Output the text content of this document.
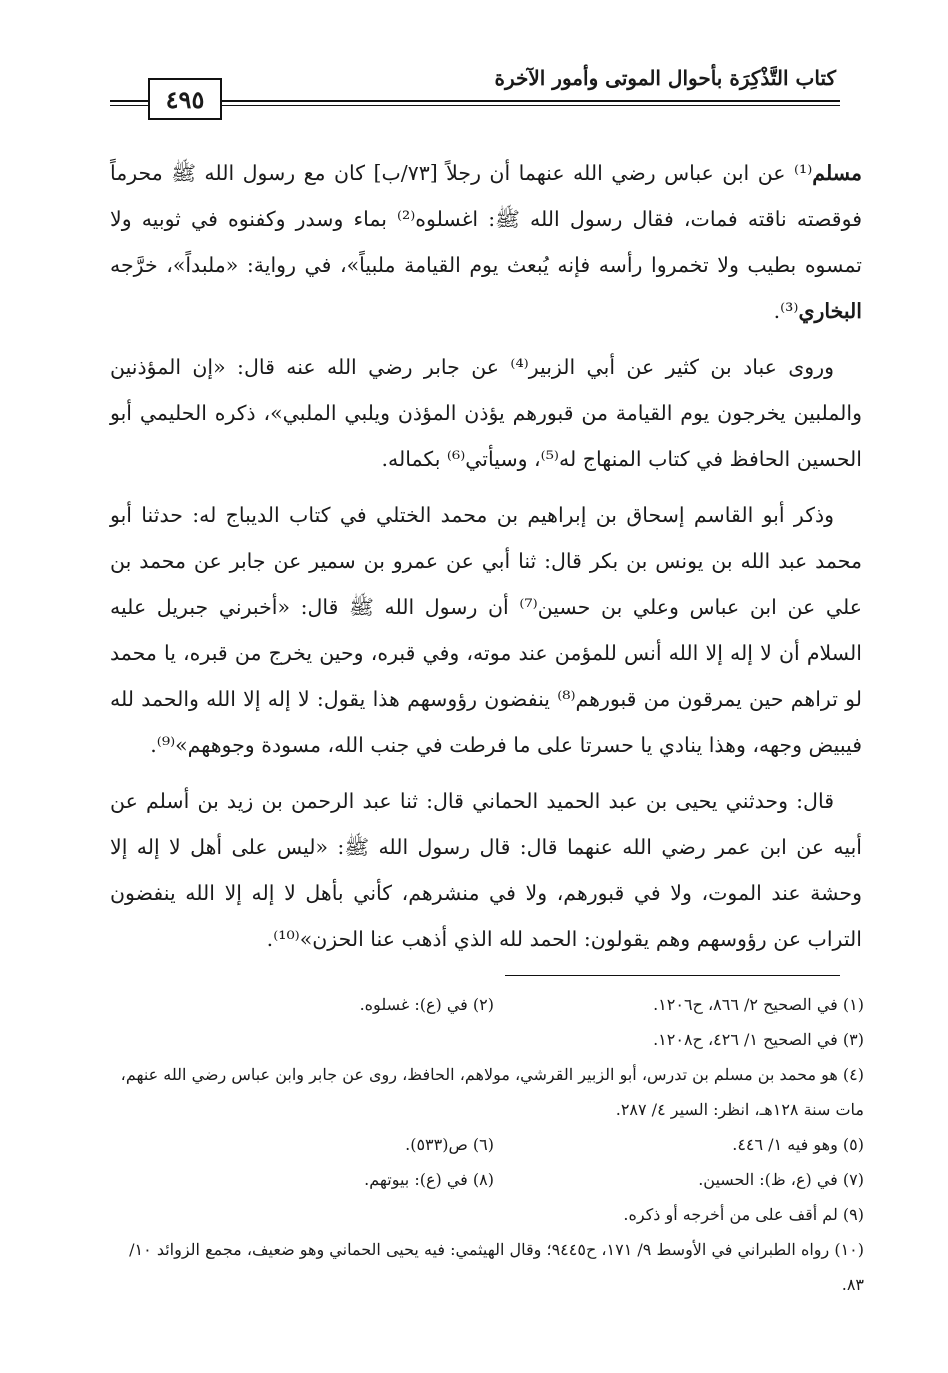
كتاب التَّذْكِرَة بأحوال الموتى وأمور الآخرة
٤٩٥

مسلم⁽¹⁾ عن ابن عباس رضي الله عنهما أن رجلاً [٧٣/ب] كان مع رسول الله ﷺ محرماً فوقصته ناقته فمات، فقال رسول الله ﷺ: اغسلوه⁽²⁾ بماء وسدر وكفنوه في ثوبيه ولا تمسوه بطيب ولا تخمروا رأسه فإنه يُبعث يوم القيامة ملبياً»، في رواية: «ملبداً»، خرَّجه البخاري⁽³⁾.

وروى عباد بن كثير عن أبي الزبير⁽⁴⁾ عن جابر رضي الله عنه قال: «إن المؤذنين والملبين يخرجون يوم القيامة من قبورهم يؤذن المؤذن ويلبي الملبي»، ذكره الحليمي أبو الحسين الحافظ في كتاب المنهاج له⁽⁵⁾، وسيأتي⁽⁶⁾ بكماله.

وذكر أبو القاسم إسحاق بن إبراهيم بن محمد الختلي في كتاب الديباج له: حدثنا أبو محمد عبد الله بن يونس بن بكر قال: ثنا أبي عن عمرو بن سمير عن جابر عن محمد بن علي عن ابن عباس وعلي بن حسين⁽⁷⁾ أن رسول الله ﷺ قال: «أخبرني جبريل عليه السلام أن لا إله إلا الله أنس للمؤمن عند موته، وفي قبره، وحين يخرج من قبره، يا محمد لو تراهم حين يمرقون من قبورهم⁽⁸⁾ ينفضون رؤوسهم هذا يقول: لا إله إلا الله والحمد لله فيبيض وجهه، وهذا ينادي يا حسرتا على ما فرطت في جنب الله، مسودة وجوههم»⁽⁹⁾.

قال: وحدثني يحيى بن عبد الحميد الحماني قال: ثنا عبد الرحمن بن زيد بن أسلم عن أبيه عن ابن عمر رضي الله عنهما قال: قال رسول الله ﷺ: «ليس على أهل لا إله إلا وحشة عند الموت، ولا في قبورهم، ولا في منشرهم، كأني بأهل لا إله إلا الله ينفضون التراب عن رؤوسهم وهم يقولون: الحمد لله الذي أذهب عنا الحزن»⁽¹⁰⁾.

(١) في الصحيح ٢/ ٨٦٦، ح١٢٠٦.
(٢) في (ع): غسلوه.
(٣) في الصحيح ١/ ٤٢٦، ح١٢٠٨.
(٤) هو محمد بن مسلم بن تدرس، أبو الزبير القرشي، مولاهم، الحافظ، روى عن جابر وابن عباس رضي الله عنهم، مات سنة ١٢٨هـ، انظر: السير ٤/ ٢٨٧.
(٥) وهو فيه ١/ ٤٤٦.
(٦) ص(٥٣٣).
(٧) في (ع، ظ): الحسين.
(٨) في (ع): بيوتهم.
(٩) لم أقف على من أخرجه أو ذكره.
(١٠) رواه الطبراني في الأوسط ٩/ ١٧١، ح٩٤٤٥؛ وقال الهيثمي: فيه يحيى الحماني وهو ضعيف، مجمع الزوائد ١٠/ ٨٣.
